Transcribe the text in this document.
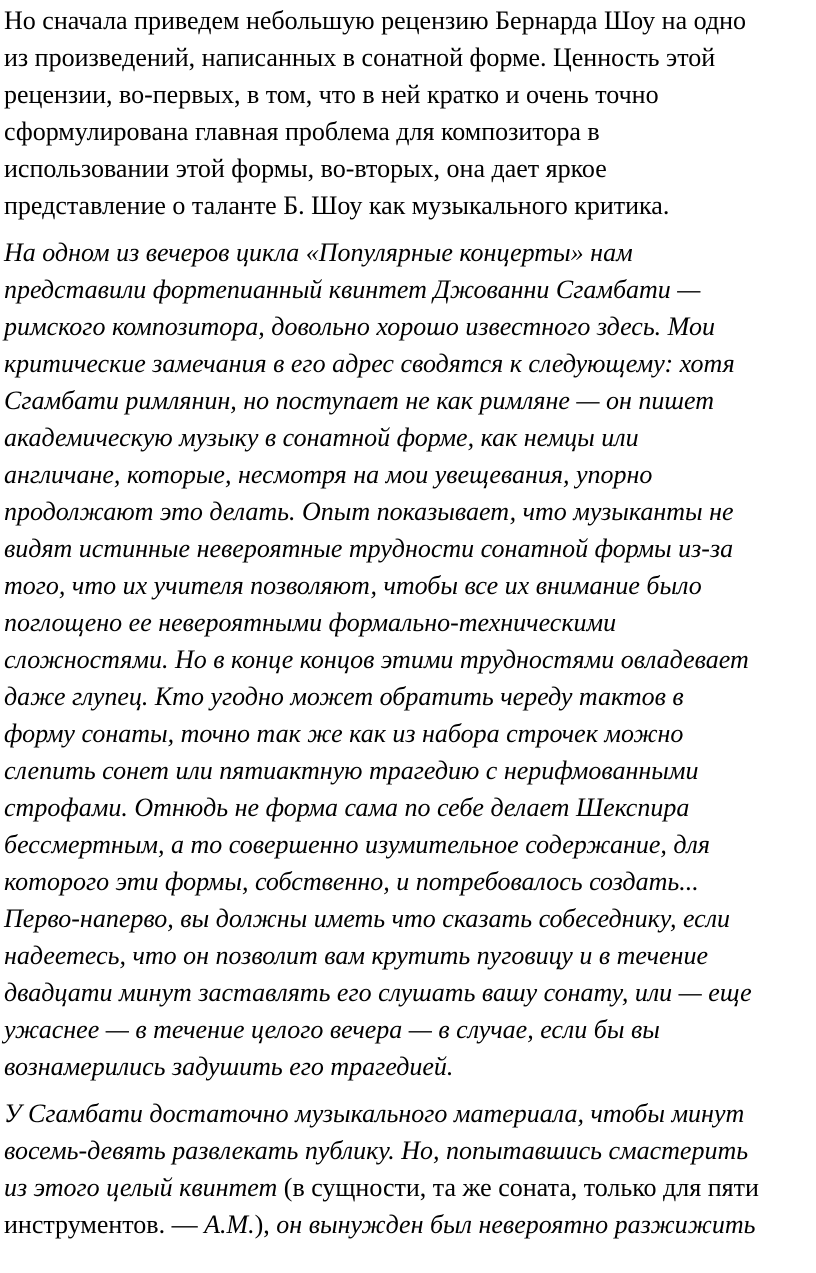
Но сначала приведем небольшую рецензию Бернарда Шоу на одно
из произведений, написанных в сонатной форме. Ценность этой
рецензии, во-первых, в том, что в ней кратко и очень точно
сформулирована главная проблема для композитора в
использовании этой формы, во-вторых, она дает яркое
представление о таланте Б. Шоу как музыкального критика.

На одном из вечеров цикла «Популярные концерты» нам
представили фортепианный квинтет Джованни Сгамбати —
римского композитора, довольно хорошо известного здесь. Мои
критические замечания в его адрес сводятся к следующему: хотя
Сгамбати римлянин, но поступает не как римляне — он пишет
академическую музыку в сонатной форме, как немцы или
англичане, которые, несмотря на мои увещевания, упорно
продолжают это делать. Опыт показывает, что музыканты не
видят истинные невероятные трудности сонатной формы из-за
того, что их учителя позволяют, чтобы все их внимание было
поглощено ее невероятными формально-техническими
сложностями. Но в конце концов этими трудностями овладевает
даже глупец. Кто угодно может обратить череду тактов в
форму сонаты, точно так же как из набора строчек можно
слепить сонет или пятиактную трагедию с нерифмованными
строфами. Отнюдь не форма сама по себе делает Шекспира
бессмертным, а то совершенно изумительное содержание, для
которого эти формы, собственно, и потребовалось создать...
Перво-наперво, вы должны иметь что сказать собеседнику, если
надеетесь, что он позволит вам крутить пуговицу и в течение
двадцати минут заставлять его слушать вашу сонату, или — еще
ужаснее — в течение целого вечера — в случае, если бы вы
вознамерились задушить его трагедией.

У Сгамбати достаточно музыкального материала, чтобы минут
восемь-девять развлекать публику. Но, попытавшись смастерить
из этого целый квинтет (в сущности, та же соната, только для пяти
инструментов. — А.М.), он вынужден был невероятно разжижить
